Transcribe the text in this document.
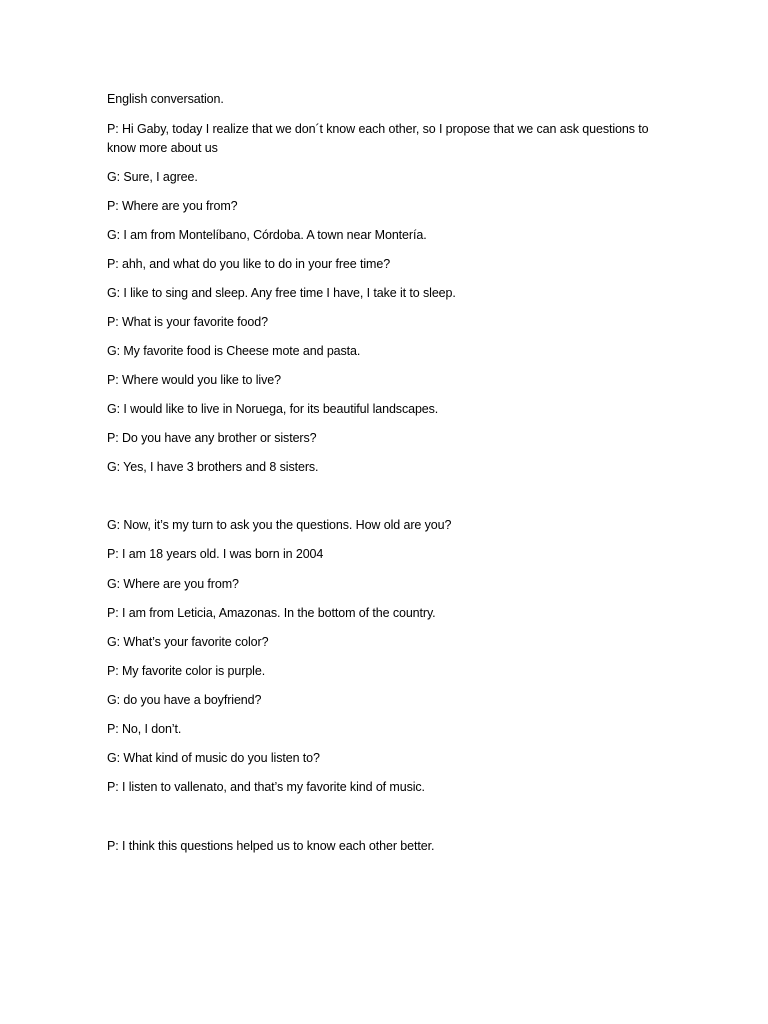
English conversation.
P: Hi Gaby, today I realize that we don´t know each other, so I propose that we can ask questions to know more about us
G: Sure, I agree.
P: Where are you from?
G: I am from Montelíbano, Córdoba. A town near Montería.
P: ahh, and what do you like to do in your free time?
G: I like to sing and sleep. Any free time I have, I take it to sleep.
P: What is your favorite food?
G: My favorite food is Cheese mote and pasta.
P: Where would you like to live?
G: I would like to live in Noruega, for its beautiful landscapes.
P: Do you have any brother or sisters?
G: Yes, I have 3 brothers and 8 sisters.
G: Now, it’s my turn to ask you the questions. How old are you?
P: I am 18 years old. I was born in 2004
G: Where are you from?
P: I am from Leticia, Amazonas. In the bottom of the country.
G: What’s your favorite color?
P: My favorite color is purple.
G: do you have a boyfriend?
P: No, I don’t.
G: What kind of music do you listen to?
P: I listen to vallenato, and that’s my favorite kind of music.
P: I think this questions helped us to know each other better.
